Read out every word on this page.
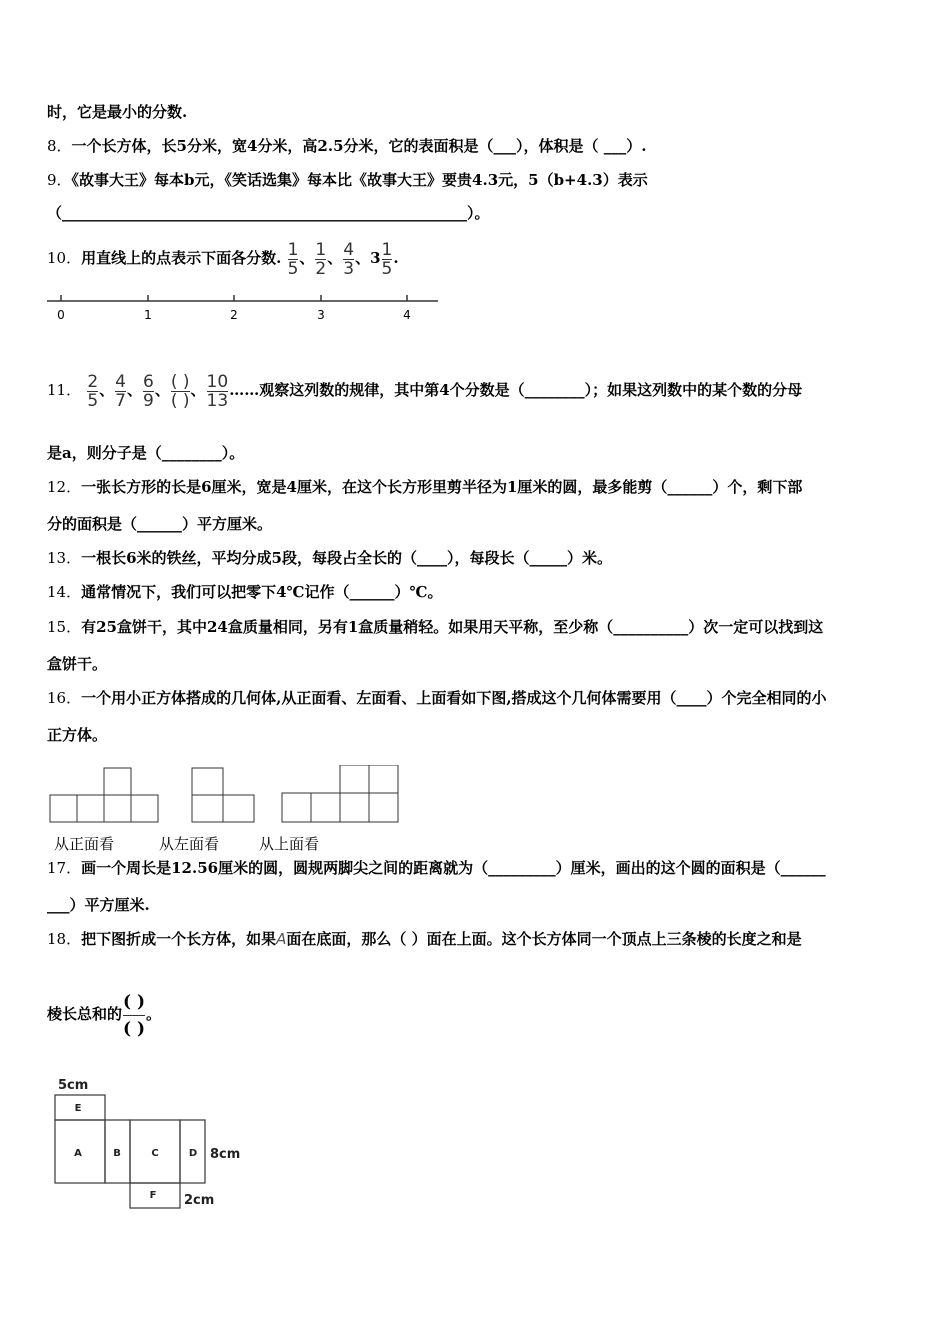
时，它是最小的分数.
8．一个长方体，长5分米，宽4分米，高2.5分米，它的表面积是（___），体积是（ ___）.
9．《故事大王》每本b元，《笑话选集》每本比《故事大王》要贵4.3元，5（b+4.3）表示
（______________________________________________________）。
10．用直线上的点表示下面各分数. $\frac{1}{5}$ 、 $\frac{1}{2}$ 、 $\frac{4}{3}$ 、$3 \frac{1}{5}$ .
0	1	2	3	4
11． $\frac{2}{5}$ 、 $\frac{4}{7}$ 、 $\frac{6}{9}$ 、 $\frac{( )}{( )}$ 、 $\frac{10}{13}$ ……观察这列数的规律，其中第4个分数是（________）；如果这列数中的某个数的分母
是a，则分子是（________）。
12．一张长方形的长是6厘米，宽是4厘米，在这个长方形里剪半径为1厘米的圆，最多能剪（______）个，剩下部
分的面积是（______）平方厘米。
13．一根长6米的铁丝，平均分成5段，每段占全长的（____），每段长（_____）米。
14．通常情况下，我们可以把零下4℃记作（______）℃。
15．有25盒饼干，其中24盒质量相同，另有1盒质量稍轻。如果用天平称，至少称（__________）次一定可以找到这
盒饼干。
16．一个用小正方体搭成的几何体,从正面看、左面看、上面看如下图,搭成这个几何体需要用（____）个完全相同的小
正方体。
从正面看	从左面看	从上面看
17．画一个周长是12.56厘米的圆，圆规两脚尖之间的距离就为（_________）厘米，画出的这个圆的面积是（______
___）平方厘米.
18．把下图折成一个长方体，如果A面在底面，那么（ ）面在上面。这个长方体同一个顶点上三条棱的长度之和是
棱长总和的 $\frac{( )}{( )}$ 。
E
A	B	C	D
F
5cm
8cm
2cm
